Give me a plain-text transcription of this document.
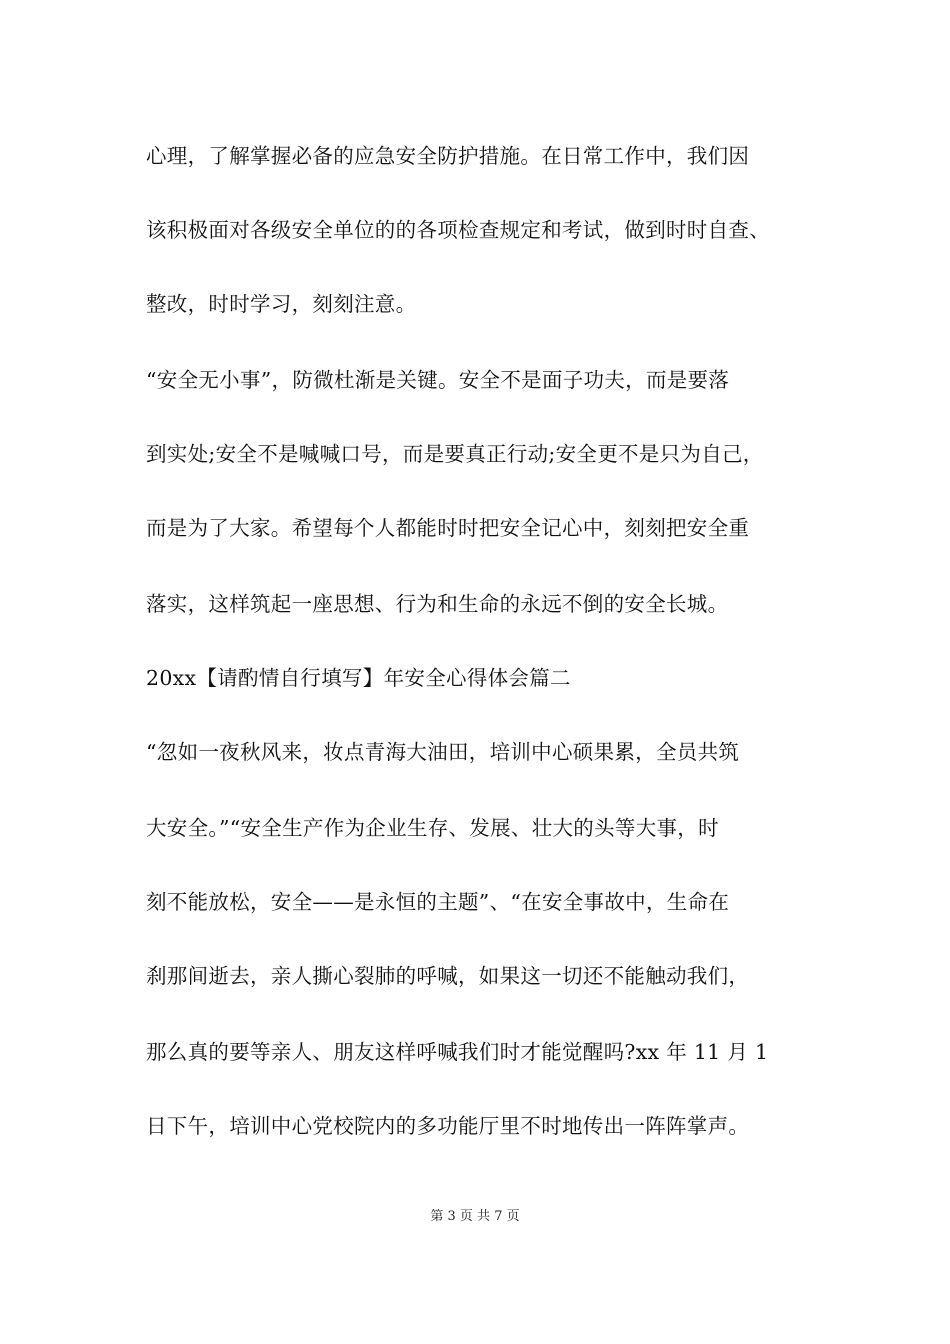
心理，了解掌握必备的应急安全防护措施。在日常工作中，我们因
该积极面对各级安全单位的的各项检查规定和考试，做到时时自查、
整改，时时学习，刻刻注意。
“安全无小事”，防微杜渐是关键。安全不是面子功夫，而是要落
到实处;安全不是喊喊口号，而是要真正行动;安全更不是只为自己，
而是为了大家。希望每个人都能时时把安全记心中，刻刻把安全重
落实，这样筑起一座思想、行为和生命的永远不倒的安全长城。
20xx【请酌情自行填写】年安全心得体会篇二
“忽如一夜秋风来，妆点青海大油田，培训中心硕果累，全员共筑
大安全。”“安全生产作为企业生存、发展、壮大的头等大事，时
刻不能放松，安全——是永恒的主题”、“在安全事故中，生命在
刹那间逝去，亲人撕心裂肺的呼喊，如果这一切还不能触动我们，
那么真的要等亲人、朋友这样呼喊我们时才能觉醒吗?xx 年 11 月 1
日下午，培训中心党校院内的多功能厅里不时地传出一阵阵掌声。
第 3 页 共 7 页
